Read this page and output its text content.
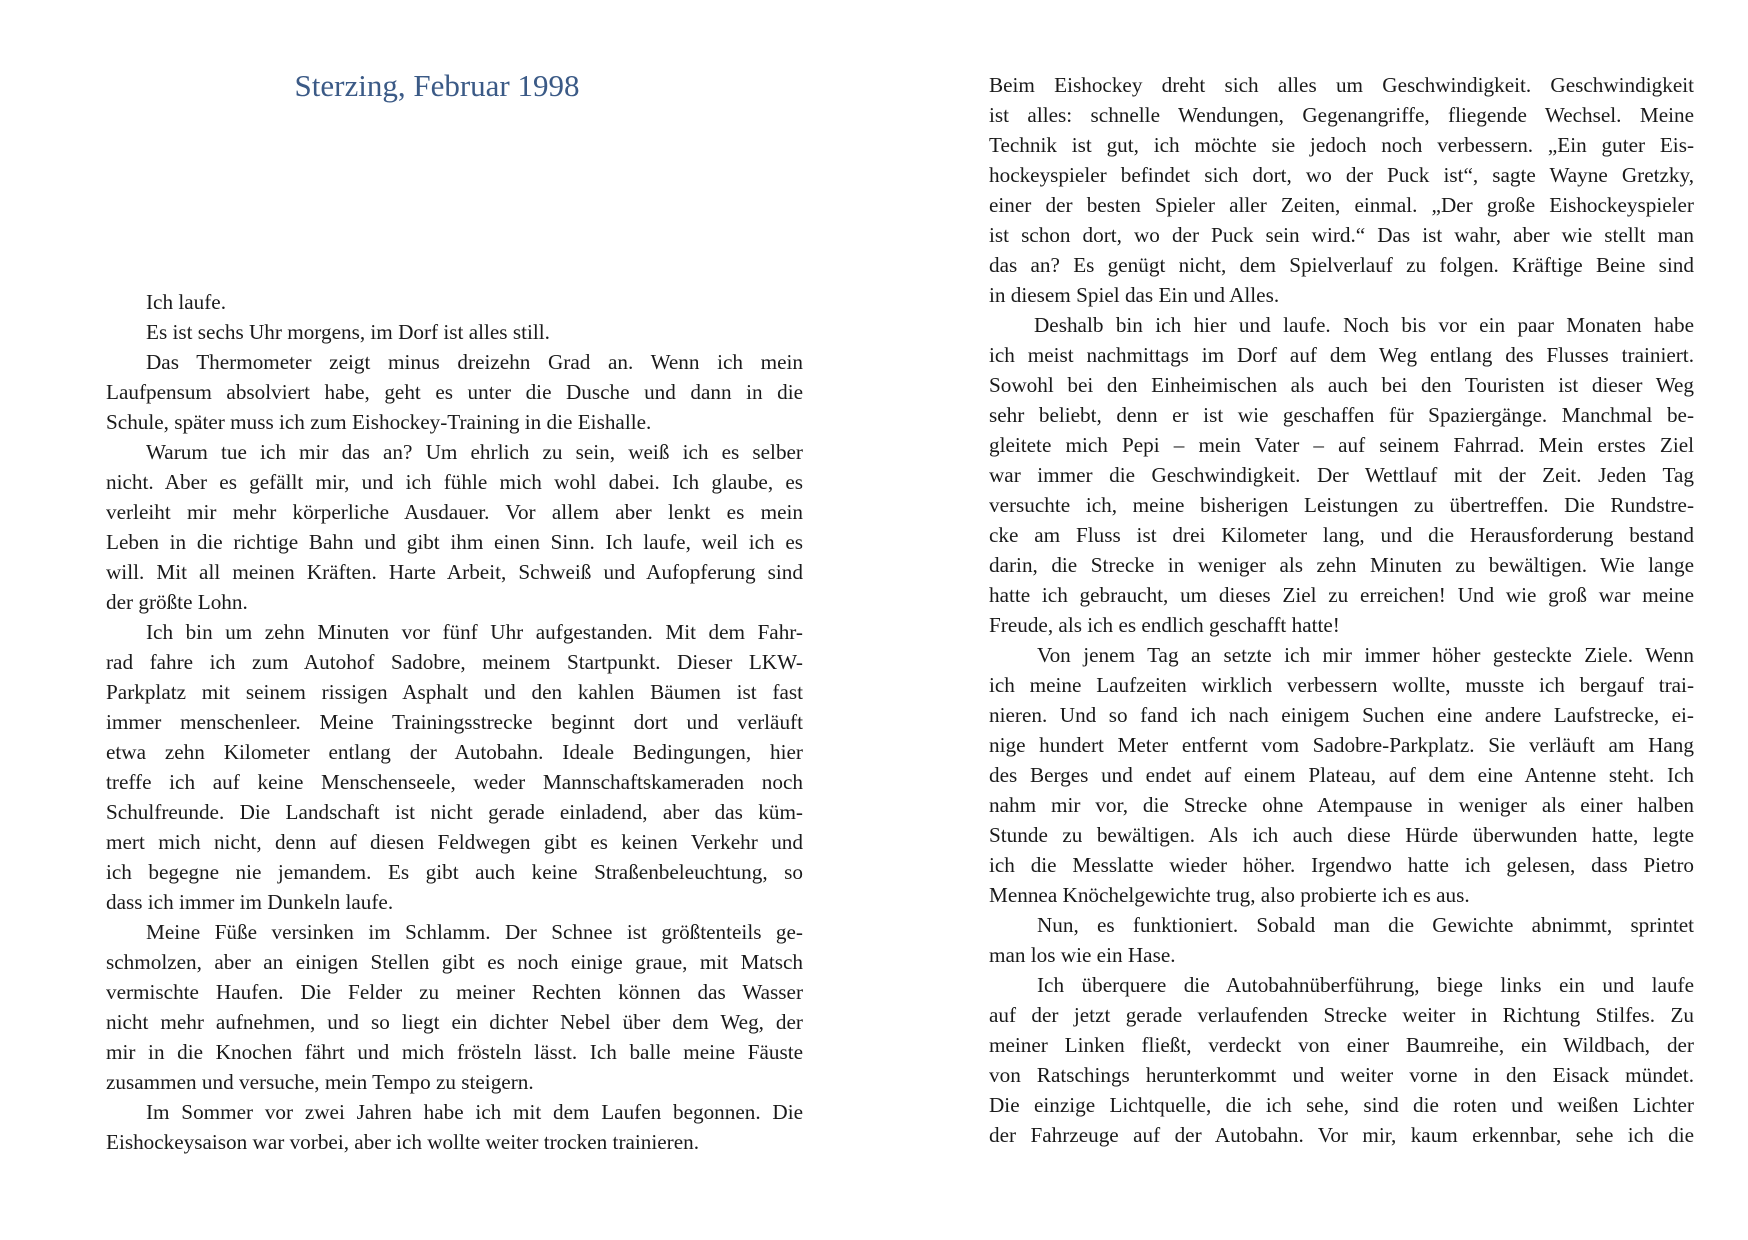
Sterzing, Februar 1998
Ich laufe.
Es ist sechs Uhr morgens, im Dorf ist alles still.
Das Thermometer zeigt minus dreizehn Grad an. Wenn ich mein
Laufpensum absolviert habe, geht es unter die Dusche und dann in die
Schule, später muss ich zum Eishockey-Training in die Eishalle.
Warum tue ich mir das an? Um ehrlich zu sein, weiß ich es selber
nicht. Aber es gefällt mir, und ich fühle mich wohl dabei. Ich glaube, es
verleiht mir mehr körperliche Ausdauer. Vor allem aber lenkt es mein
Leben in die richtige Bahn und gibt ihm einen Sinn. Ich laufe, weil ich es
will. Mit all meinen Kräften. Harte Arbeit, Schweiß und Aufopferung sind
der größte Lohn.
Ich bin um zehn Minuten vor fünf Uhr aufgestanden. Mit dem Fahr-
rad fahre ich zum Autohof Sadobre, meinem Startpunkt. Dieser LKW-
Parkplatz mit seinem rissigen Asphalt und den kahlen Bäumen ist fast
immer menschenleer. Meine Trainingsstrecke beginnt dort und verläuft
etwa zehn Kilometer entlang der Autobahn. Ideale Bedingungen, hier
treffe ich auf keine Menschenseele, weder Mannschaftskameraden noch
Schulfreunde. Die Landschaft ist nicht gerade einladend, aber das küm-
mert mich nicht, denn auf diesen Feldwegen gibt es keinen Verkehr und
ich begegne nie jemandem. Es gibt auch keine Straßenbeleuchtung, so
dass ich immer im Dunkeln laufe.
Meine Füße versinken im Schlamm. Der Schnee ist größtenteils ge-
schmolzen, aber an einigen Stellen gibt es noch einige graue, mit Matsch
vermischte Haufen. Die Felder zu meiner Rechten können das Wasser
nicht mehr aufnehmen, und so liegt ein dichter Nebel über dem Weg, der
mir in die Knochen fährt und mich frösteln lässt. Ich balle meine Fäuste
zusammen und versuche, mein Tempo zu steigern.
Im Sommer vor zwei Jahren habe ich mit dem Laufen begonnen. Die
Eishockeysaison war vorbei, aber ich wollte weiter trocken trainieren.
Beim Eishockey dreht sich alles um Geschwindigkeit. Geschwindigkeit
ist alles: schnelle Wendungen, Gegenangriffe, fliegende Wechsel. Meine
Technik ist gut, ich möchte sie jedoch noch verbessern. „Ein guter Eis-
hockeyspieler befindet sich dort, wo der Puck ist“, sagte Wayne Gretzky,
einer der besten Spieler aller Zeiten, einmal. „Der große Eishockeyspieler
ist schon dort, wo der Puck sein wird.“ Das ist wahr, aber wie stellt man
das an? Es genügt nicht, dem Spielverlauf zu folgen. Kräftige Beine sind
in diesem Spiel das Ein und Alles.
Deshalb bin ich hier und laufe. Noch bis vor ein paar Monaten habe
ich meist nachmittags im Dorf auf dem Weg entlang des Flusses trainiert.
Sowohl bei den Einheimischen als auch bei den Touristen ist dieser Weg
sehr beliebt, denn er ist wie geschaffen für Spaziergänge. Manchmal be-
gleitete mich Pepi – mein Vater – auf seinem Fahrrad. Mein erstes Ziel
war immer die Geschwindigkeit. Der Wettlauf mit der Zeit. Jeden Tag
versuchte ich, meine bisherigen Leistungen zu übertreffen. Die Rundstre-
cke am Fluss ist drei Kilometer lang, und die Herausforderung bestand
darin, die Strecke in weniger als zehn Minuten zu bewältigen. Wie lange
hatte ich gebraucht, um dieses Ziel zu erreichen! Und wie groß war meine
Freude, als ich es endlich geschafft hatte!
Von jenem Tag an setzte ich mir immer höher gesteckte Ziele. Wenn
ich meine Laufzeiten wirklich verbessern wollte, musste ich bergauf trai-
nieren. Und so fand ich nach einigem Suchen eine andere Laufstrecke, ei-
nige hundert Meter entfernt vom Sadobre-Parkplatz. Sie verläuft am Hang
des Berges und endet auf einem Plateau, auf dem eine Antenne steht. Ich
nahm mir vor, die Strecke ohne Atempause in weniger als einer halben
Stunde zu bewältigen. Als ich auch diese Hürde überwunden hatte, legte
ich die Messlatte wieder höher. Irgendwo hatte ich gelesen, dass Pietro
Mennea Knöchelgewichte trug, also probierte ich es aus.
Nun, es funktioniert. Sobald man die Gewichte abnimmt, sprintet
man los wie ein Hase.
Ich überquere die Autobahnüberführung, biege links ein und laufe
auf der jetzt gerade verlaufenden Strecke weiter in Richtung Stilfes. Zu
meiner Linken fließt, verdeckt von einer Baumreihe, ein Wildbach, der
von Ratschings herunterkommt und weiter vorne in den Eisack mündet.
Die einzige Lichtquelle, die ich sehe, sind die roten und weißen Lichter
der Fahrzeuge auf der Autobahn. Vor mir, kaum erkennbar, sehe ich die
